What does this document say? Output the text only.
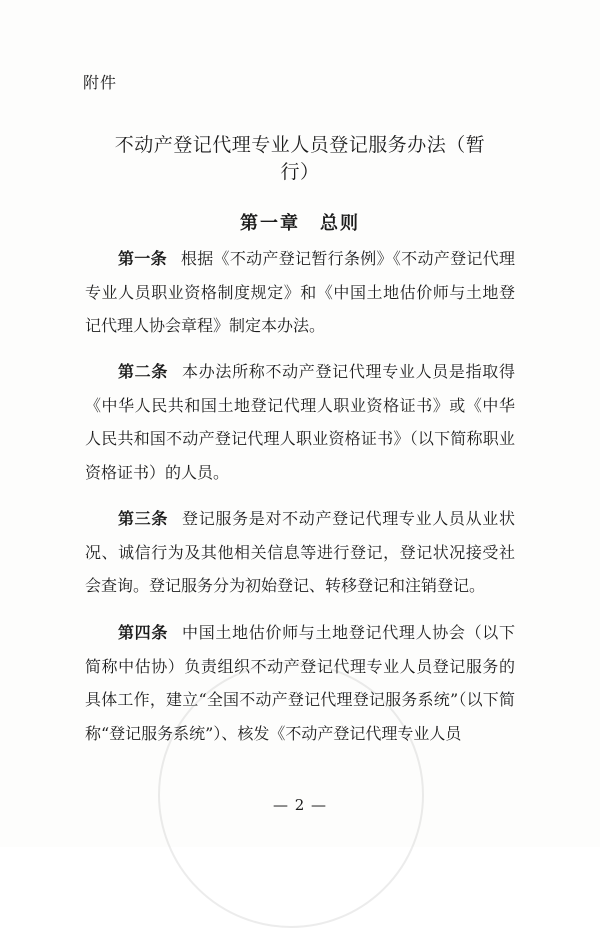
附件
不动产登记代理专业人员登记服务办法（暂行）
第一章　总则

第一条 根据《不动产登记暂行条例》《不动产登记代理专业人员职业资格制度规定》和《中国土地估价师与土地登记代理人协会章程》制定本办法。

第二条 本办法所称不动产登记代理专业人员是指取得《中华人民共和国土地登记代理人职业资格证书》或《中华人民共和国不动产登记代理人职业资格证书》（以下简称职业资格证书）的人员。

第三条 登记服务是对不动产登记代理专业人员从业状况、诚信行为及其他相关信息等进行登记，登记状况接受社会查询。登记服务分为初始登记、转移登记和注销登记。

第四条 中国土地估价师与土地登记代理人协会（以下简称中估协）负责组织不动产登记代理专业人员登记服务的具体工作，建立“全国不动产登记代理登记服务系统”（以下简称“登记服务系统”）、核发《不动产登记代理专业人员

— 2 —
